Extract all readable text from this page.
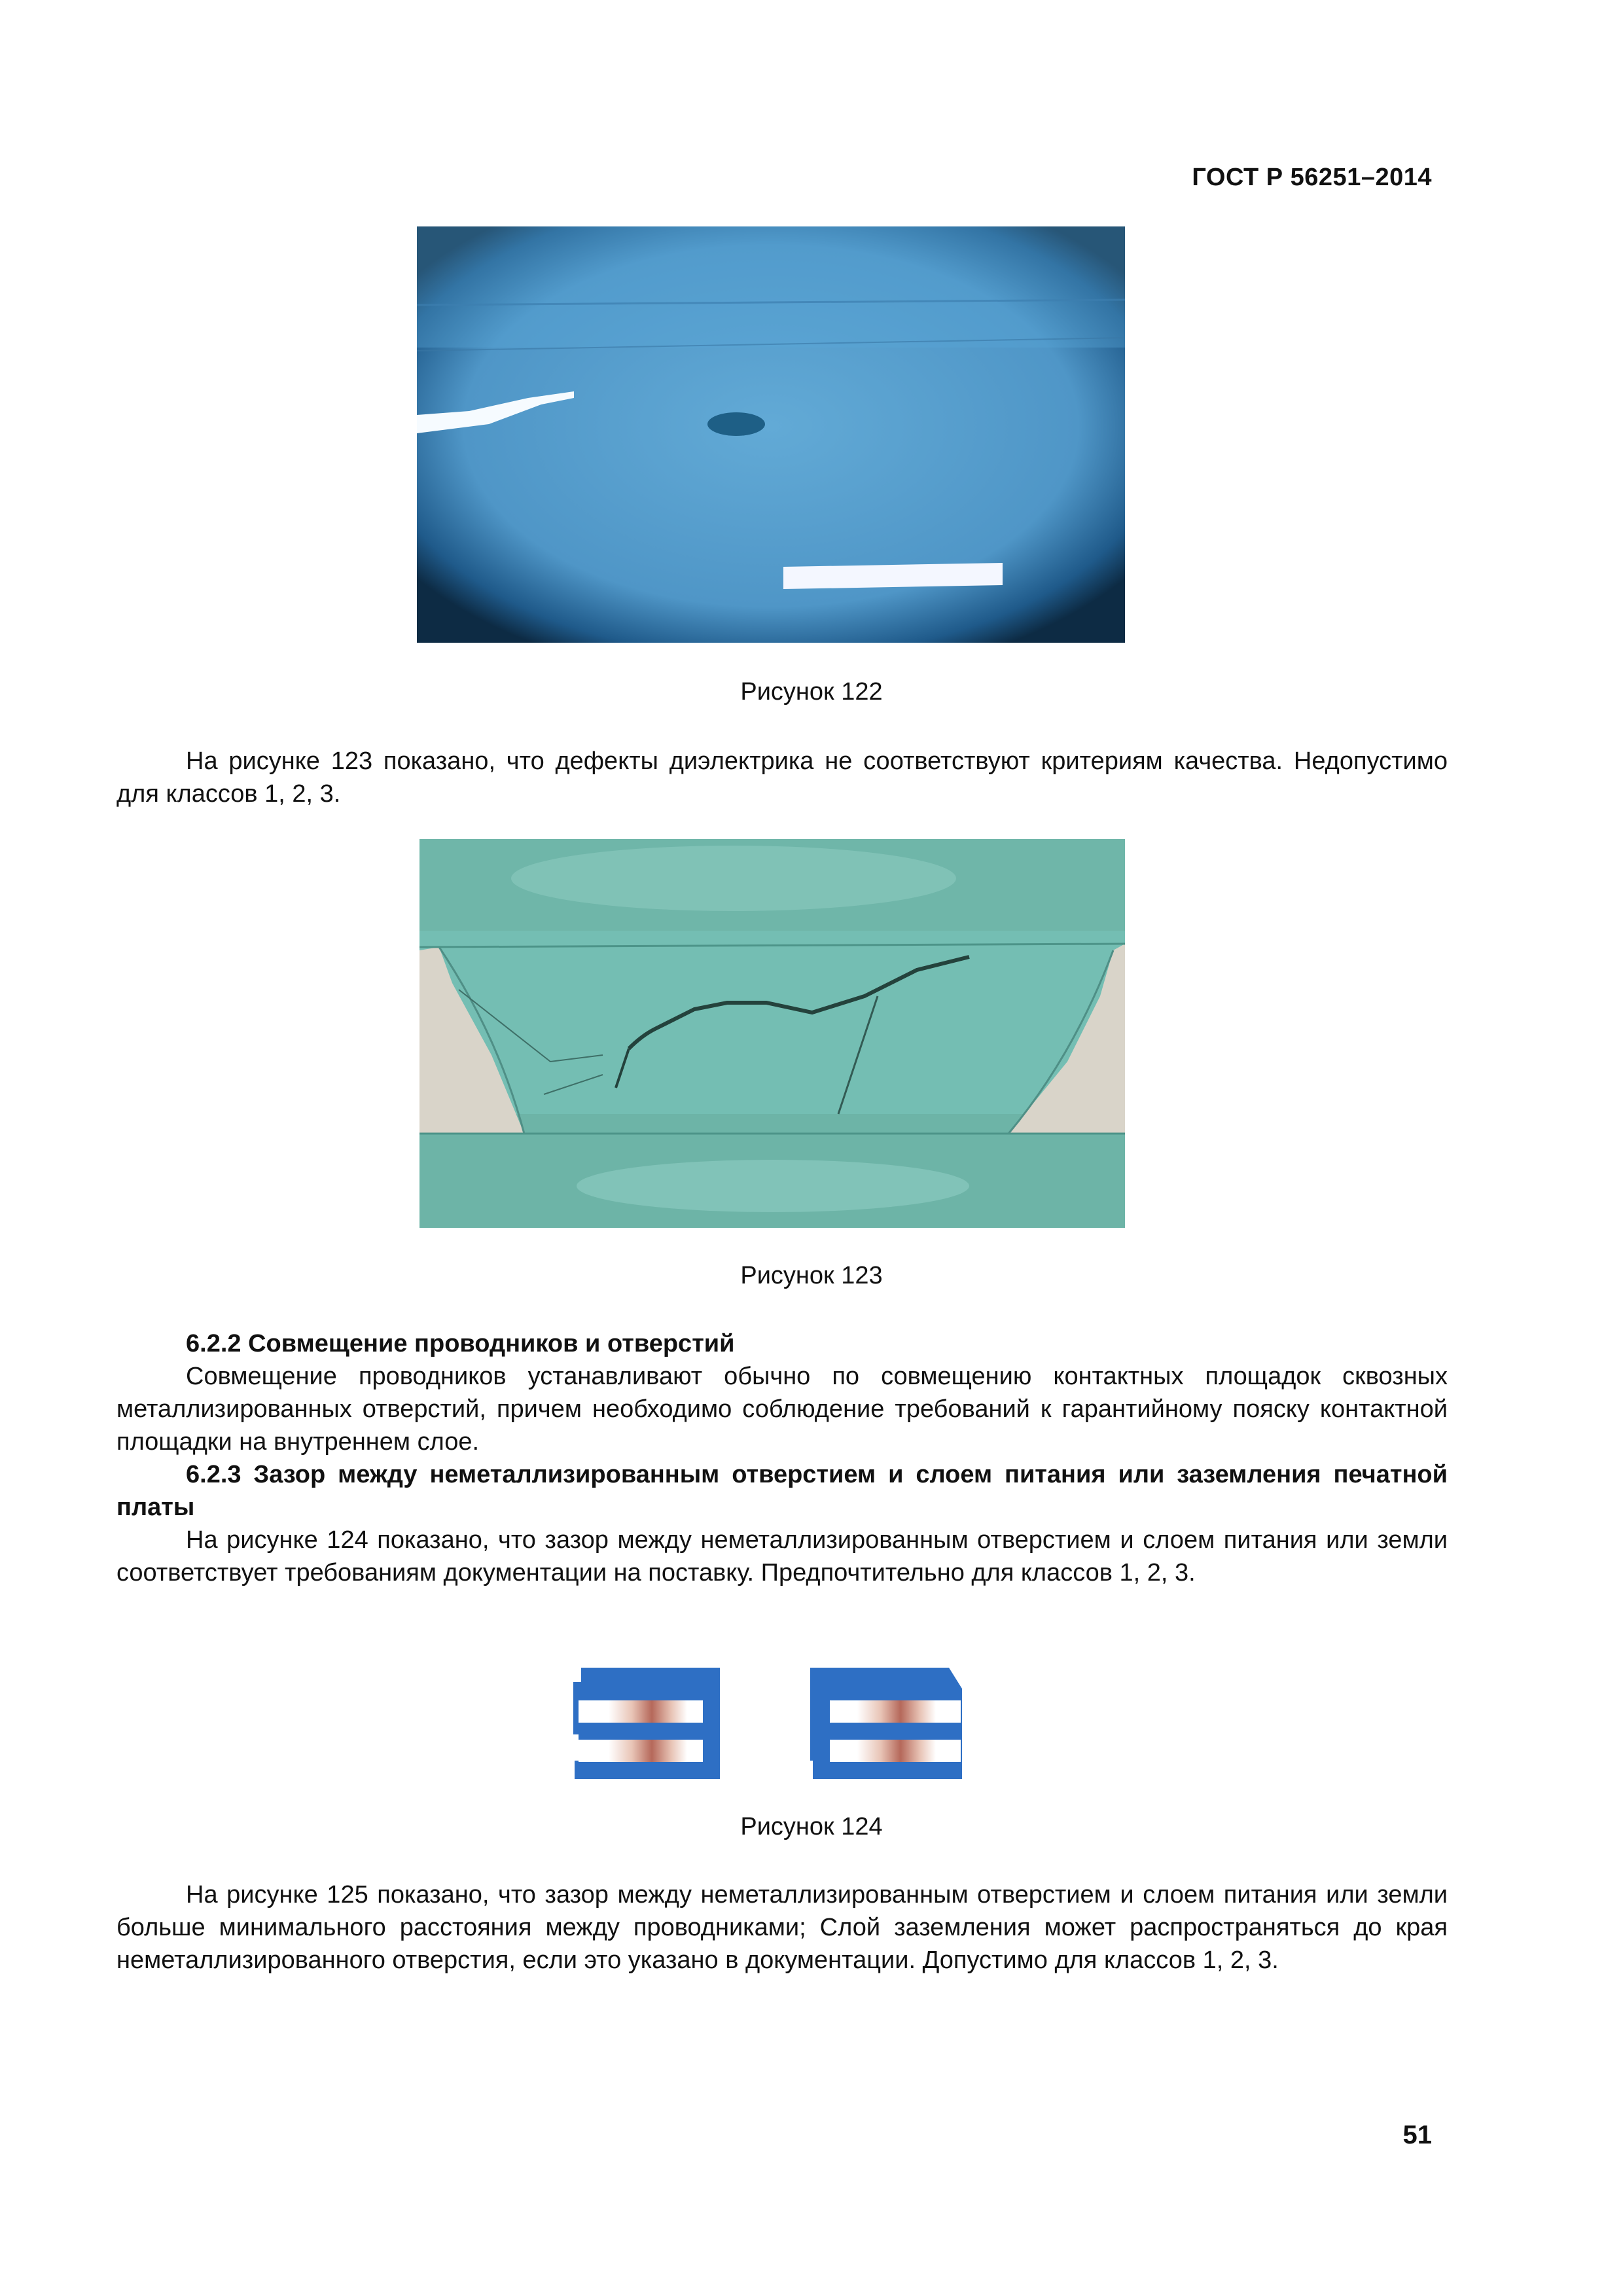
ГОСТ Р 56251–2014
Рисунок 122

На рисунке 123 показано, что дефекты диэлектрика не соответствуют критериям качества. Недопустимо для классов 1, 2, 3.

Рисунок 123

6.2.2 Совмещение проводников и отверстий

Совмещение проводников устанавливают обычно по совмещению контактных площадок сквозных металлизированных отверстий, причем необходимо соблюдение требований к гарантийному пояску контактной площадки на внутреннем слое.

6.2.3 Зазор между неметаллизированным отверстием и слоем питания или заземления печатной платы

На рисунке 124 показано, что зазор между неметаллизированным отверстием и слоем питания или земли соответствует требованиям документации на поставку. Предпочтительно для классов 1, 2, 3.

Рисунок 124

На рисунке 125 показано, что зазор между неметаллизированным отверстием и слоем питания или земли больше минимального расстояния между проводниками; Слой заземления может распространяться до края неметаллизированного отверстия, если это указано в документации. Допустимо для классов 1, 2, 3.

51
